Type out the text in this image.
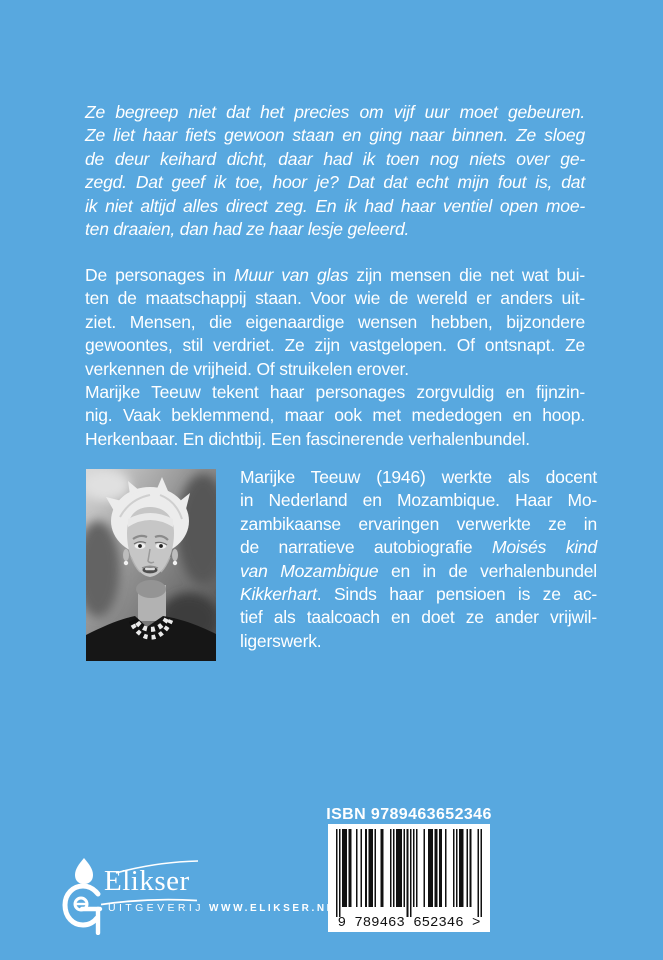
Ze begreep niet dat het precies om vijf uur moet gebeuren.
Ze liet haar fiets gewoon staan en ging naar binnen. Ze sloeg
de deur keihard dicht, daar had ik toen nog niets over ge-
zegd. Dat geef ik toe, hoor je? Dat dat echt mijn fout is, dat
ik niet altijd alles direct zeg. En ik had haar ventiel open moe-
ten draaien, dan had ze haar lesje geleerd.
De personages in Muur van glas zijn mensen die net wat bui-
ten de maatschappij staan. Voor wie de wereld er anders uit-
ziet. Mensen, die eigenaardige wensen hebben, bijzondere
gewoontes, stil verdriet. Ze zijn vastgelopen. Of ontsnapt. Ze
verkennen de vrijheid. Of struikelen erover.
Marijke Teeuw tekent haar personages zorgvuldig en fijnzin-
nig. Vaak beklemmend, maar ook met mededogen en hoop.
Herkenbaar. En dichtbij. Een fascinerende verhalenbundel.
Marijke Teeuw (1946) werkte als docent
in Nederland en Mozambique. Haar Mo-
zambikaanse ervaringen verwerkte ze in
de narratieve autobiografie Moisés kind
van Mozambique en in de verhalenbundel
Kikkerhart. Sinds haar pensioen is ze ac-
tief als taalcoach en doet ze ander vrijwil-
ligerswerk.
ISBN 9789463652346
9 789463 652346 >
Elikser
UITGEVERIJ WWW.ELIKSER.NL
